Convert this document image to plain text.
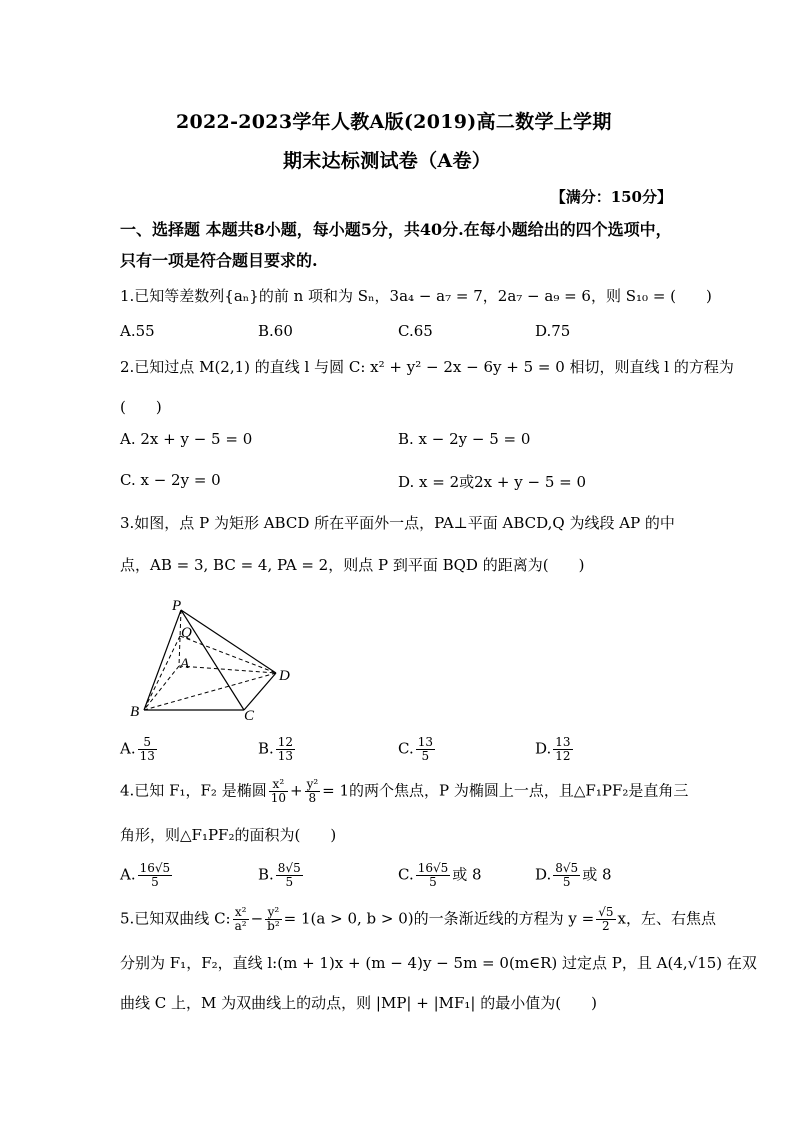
2022-2023学年人教A版(2019)高二数学上学期
期末达标测试卷（A卷）
【满分：150分】
一、选择题 本题共8小题，每小题5分，共40分.在每小题给出的四个选项中，
只有一项是符合题目要求的.
1.已知等差数列{aₙ}的前 n 项和为 Sₙ，3a₄ − a₇ = 7，2a₇ − a₉ = 6，则 S₁₀ = (　　)
A.55	B.60	C.65	D.75
2.已知过点 M(2,1) 的直线 l 与圆 C: x² + y² − 2x − 6y + 5 = 0 相切，则直线 l 的方程为
(　　)
A. 2x + y − 5 = 0	B. x − 2y − 5 = 0
C. x − 2y = 0	D. x = 2或2x + y − 5 = 0
3.如图，点 P 为矩形 ABCD 所在平面外一点，PA⊥平面 ABCD,Q 为线段 AP 的中
点，AB = 3, BC = 4, PA = 2，则点 P 到平面 BQD 的距离为(　　)
P
Q
A
B	C
D
A. $\frac{5}{13}$	B. $\frac{12}{13}$	C. $\frac{13}{5}$	D. $\frac{13}{12}$
4.已知 F₁，F₂ 是椭圆 $\frac{\text{x²}}{10} + \frac{\text{y²}}{8} = 1$的两个焦点，P 为椭圆上一点，且△F₁PF₂是直角三
角形，则△F₁PF₂的面积为(　　)
A. $\frac{16√5}{5}$	B. $\frac{8√5}{5}$	C. $\frac{16√5}{5}$ 或 8	D. $\frac{8√5}{5}$ 或 8
5.已知双曲线 C: $\frac{\text{x²}}{\text{a²}} - \frac{\text{y²}}{\text{b²}} = 1(a > 0$, b > 0)的一条渐近线的方程为 $y = \frac{√5}{2}$ x，左、右焦点
分别为 F₁，F₂，直线 l:(m + 1)x + (m − 4)y − 5m = 0(m∈R) 过定点 P，且 A(4,√15) 在双
曲线 C 上，M 为双曲线上的动点，则 |MP| + |MF₁| 的最小值为(　　)
